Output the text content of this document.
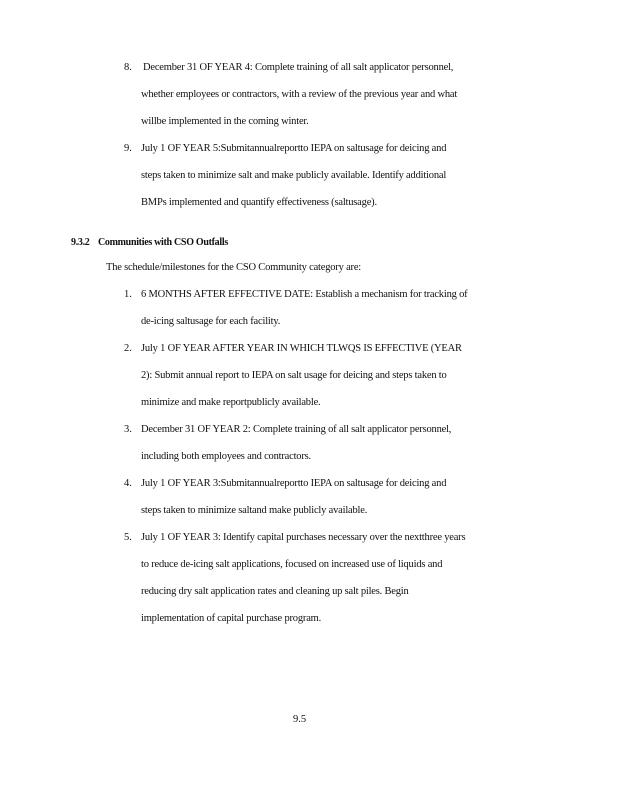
8. December 31 OF YEAR 4: Complete training of all salt applicator personnel,
whether employees or contractors, with a review of the previous year and what
willbe implemented in the coming winter.
9. July 1 OF YEAR 5:Submitannualreportto IEPA on saltusage for deicing and
steps taken to minimize salt and make publicly available. Identify additional
BMPs implemented and quantify effectiveness (saltusage).
9.3.2 Communities with CSO Outfalls
The schedule/milestones for the CSO Community category are:
1. 6 MONTHS AFTER EFFECTIVE DATE: Establish a mechanism for tracking of
de-icing saltusage for each facility.
2. July 1 OF YEAR AFTER YEAR IN WHICH TLWQS IS EFFECTIVE (YEAR
2): Submit annual report to IEPA on salt usage for deicing and steps taken to
minimize and make reportpublicly available.
3. December 31 OF YEAR 2: Complete training of all salt applicator personnel,
including both employees and contractors.
4. July 1 OF YEAR 3:Submitannualreportto IEPA on saltusage for deicing and
steps taken to minimize saltand make publicly available.
5. July 1 OF YEAR 3: Identify capital purchases necessary over the nextthree years
to reduce de-icing salt applications, focused on increased use of liquids and
reducing dry salt application rates and cleaning up salt piles. Begin
implementation of capital purchase program.
9.5
